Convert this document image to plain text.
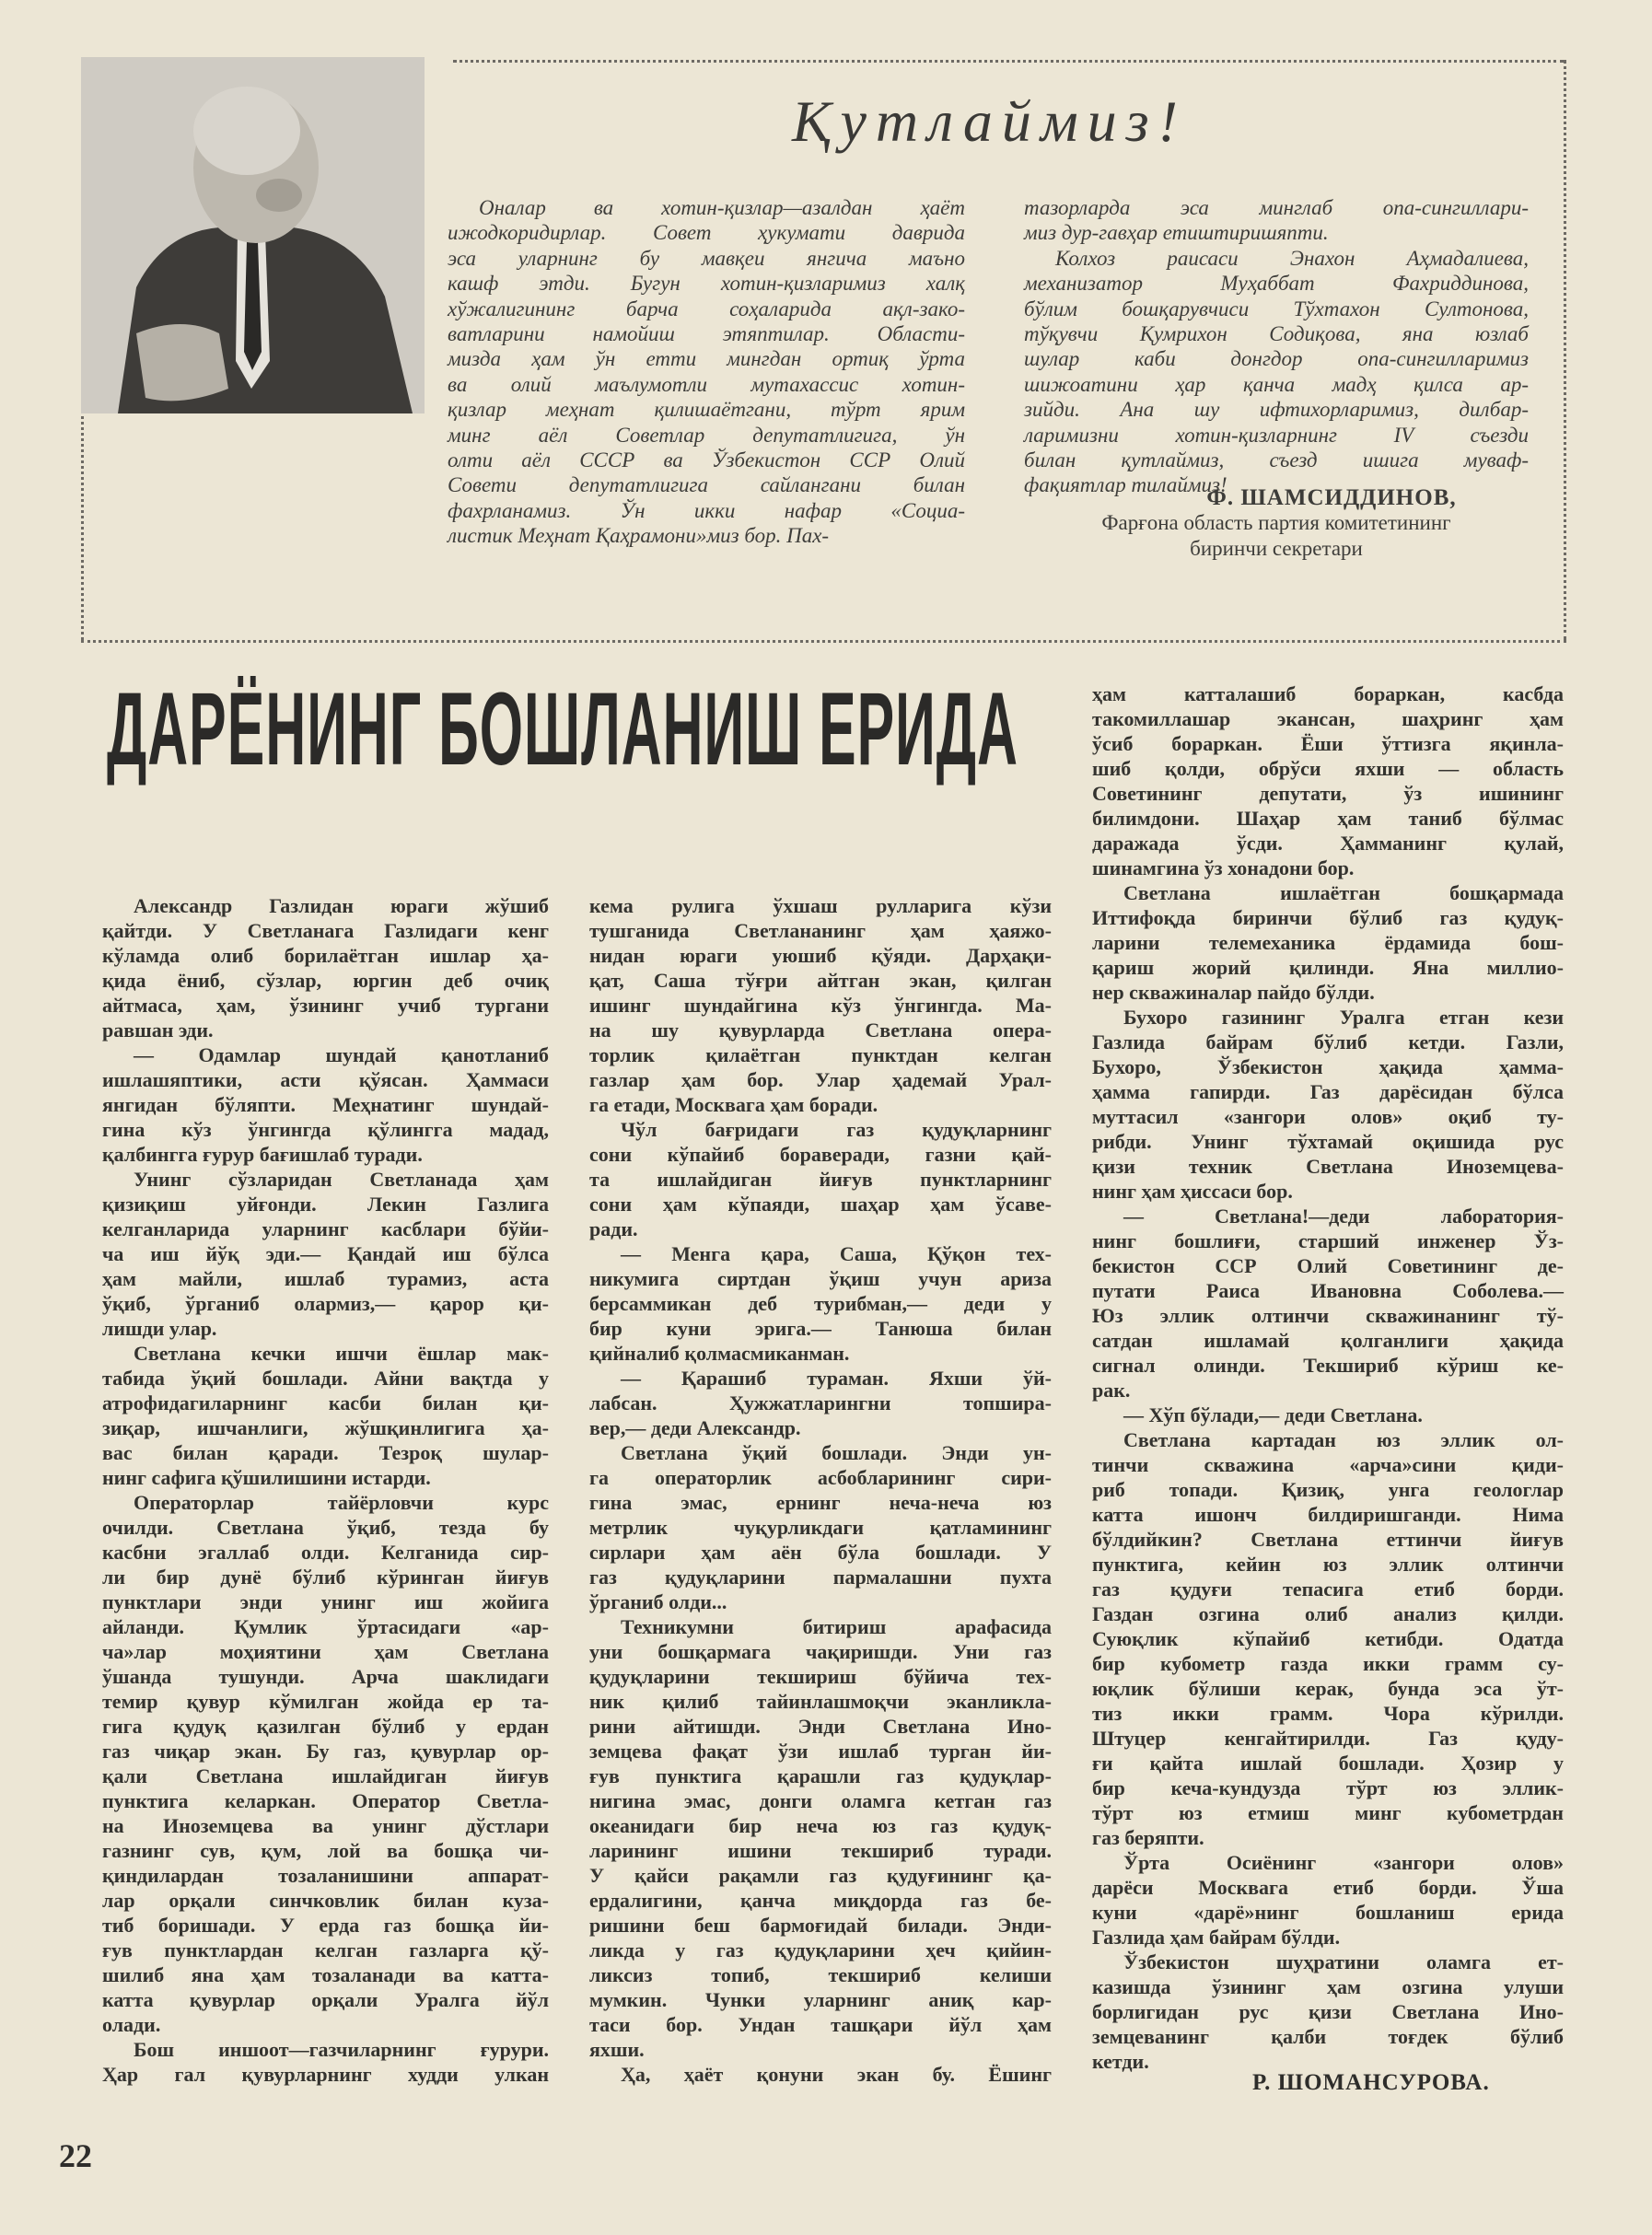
Қутлаймиз!
Оналар ва хотин-қизлар—азалдан ҳаёт
ижодкоридирлар. Совет ҳукумати даврида
эса уларнинг бу мавқеи янгича маъно
кашф этди. Бугун хотин-қизларимиз халқ
хўжалигининг барча соҳаларида ақл-зако-
ватларини намойиш этяптилар. Области-
мизда ҳам ўн етти мингдан ортиқ ўрта
ва олий маълумотли мутахассис хотин-
қизлар меҳнат қилишаётгани, тўрт ярим
минг аёл Советлар депутатлигига, ўн
олти аёл СССР ва Ўзбекистон ССР Олий
Совети депутатлигига сайлангани билан
фахрланамиз. Ўн икки нафар «Социа-
листик Меҳнат Қаҳрамони»миз бор. Пах-
тазорларда эса минглаб опа-сингиллари-
миз дур-гавҳар етиштиришяпти.
Колхоз раисаси Энахон Аҳмадалиева,
механизатор Муҳаббат Фахриддинова,
бўлим бошқарувчиси Тўхтахон Султонова,
тўқувчи Қумрихон Содиқова, яна юзлаб
шулар каби донгдор опа-сингилларимиз
шижоатини ҳар қанча мадҳ қилса ар-
зийди. Ана шу ифтихорларимиз, дилбар-
ларимизни хотин-қизларнинг IV съезди
билан қутлаймиз, съезд ишига муваф-
фақиятлар тилаймиз!
Ф. ШАМСИДДИНОВ,
Фарғона область партия комитетининг
биринчи секретари
ДАРЁНИНГ БОШЛАНИШ ЕРИДА
Александр Газлидан юраги жўшиб
қайтди. У Светланага Газлидаги кенг
кўламда олиб борилаётган ишлар ҳа-
қида ёниб, сўзлар, юргин деб очиқ
айтмаса, ҳам, ўзининг учиб тургани
равшан эди.
— Одамлар шундай қанотланиб
ишлашяптики, асти қўясан. Ҳаммаси
янгидан бўляпти. Меҳнатинг шундай-
гина кўз ўнгингда қўлингга мадад,
қалбингга ғурур бағишлаб туради.
Унинг сўзларидан Светланада ҳам
қизиқиш уйғонди. Лекин Газлига
келганларида уларнинг касблари бўйи-
ча иш йўқ эди.— Қандай иш бўлса
ҳам майли, ишлаб турамиз, аста
ўқиб, ўрганиб олармиз,— қарор қи-
лишди улар.
Светлана кечки ишчи ёшлар мак-
табида ўқий бошлади. Айни вақтда у
атрофидагиларнинг касби билан қи-
зиқар, ишчанлиги, жўшқинлигига ҳа-
вас билан қаради. Тезроқ шулар-
нинг сафига қўшилишини истарди.
Операторлар тайёрловчи курс
очилди. Светлана ўқиб, тезда бу
касбни эгаллаб олди. Келганида сир-
ли бир дунё бўлиб кўринган йиғув
пунктлари энди унинг иш жойига
айланди. Қумлик ўртасидаги «ар-
ча»лар моҳиятини ҳам Светлана
ўшанда тушунди. Арча шаклидаги
темир қувур кўмилган жойда ер та-
гига қудуқ қазилган бўлиб у ердан
газ чиқар экан. Бу газ, қувурлар ор-
қали Светлана ишлайдиган йиғув
пунктига келаркан. Оператор Светла-
на Иноземцева ва унинг дўстлари
газнинг сув, қум, лой ва бошқа чи-
қиндилардан тозаланишини аппарат-
лар орқали синчковлик билан куза-
тиб боришади. У ерда газ бошқа йи-
ғув пунктлардан келган газларга қў-
шилиб яна ҳам тозаланади ва катта-
катта қувурлар орқали Уралга йўл
олади.
Бош иншоот—газчиларнинг ғурури.
Ҳар гал қувурларнинг худди улкан
кема рулига ўхшаш рулларига кўзи
тушганида Светлананинг ҳам ҳаяжо-
нидан юраги уюшиб қўяди. Дарҳақи-
қат, Саша тўғри айтган экан, қилган
ишинг шундайгина кўз ўнгингда. Ма-
на шу қувурларда Светлана опера-
торлик қилаётган пунктдан келган
газлар ҳам бор. Улар ҳадемай Урал-
га етади, Москвага ҳам боради.
Чўл бағридаги газ қудуқларнинг
сони кўпайиб бораверади, газни қай-
та ишлайдиган йиғув пунктларнинг
сони ҳам кўпаяди, шаҳар ҳам ўсаве-
ради.
— Менга қара, Саша, Қўқон тех-
никумига сиртдан ўқиш учун ариза
берсаммикан деб турибман,— деди у
бир куни эрига.— Танюша билан
қийналиб қолмасмиканман.
— Қарашиб тураман. Яхши ўй-
лабсан. Ҳужжатларингни топшира-
вер,— деди Александр.
Светлана ўқий бошлади. Энди ун-
га операторлик асбобларининг сири-
гина эмас, ернинг неча-неча юз
метрлик чуқурликдаги қатламининг
сирлари ҳам аён бўла бошлади. У
газ қудуқларини пармалашни пухта
ўрганиб олди...
Техникумни битириш арафасида
уни бошқармага чақиришди. Уни газ
қудуқларини текшириш бўйича тех-
ник қилиб тайинлашмоқчи эканликла-
рини айтишди. Энди Светлана Ино-
земцева фақат ўзи ишлаб турган йи-
ғув пунктига қарашли газ қудуқлар-
нигина эмас, донги оламга кетган газ
океанидаги бир неча юз газ қудуқ-
ларининг ишини текшириб туради.
У қайси рақамли газ қудуғининг қа-
ердалигини, қанча миқдорда газ бе-
ришини беш бармоғидай билади. Энди-
ликда у газ қудуқларини ҳеч қийин-
ликсиз топиб, текшириб келиши
мумкин. Чунки уларнинг аниқ кар-
таси бор. Ундан ташқари йўл ҳам
яхши.
Ҳа, ҳаёт қонуни экан бу. Ёшинг
ҳам катталашиб бораркан, касбда
такомиллашар экансан, шаҳринг ҳам
ўсиб бораркан. Ёши ўттизга яқинла-
шиб қолди, обрўси яхши — область
Советининг депутати, ўз ишининг
билимдони. Шаҳар ҳам таниб бўлмас
даражада ўсди. Ҳамманинг қулай,
шинамгина ўз хонадони бор.
Светлана ишлаётган бошқармада
Иттифоқда биринчи бўлиб газ қудуқ-
ларини телемеханика ёрдамида бош-
қариш жорий қилинди. Яна миллио-
нер скважиналар пайдо бўлди.
Бухоро газининг Уралга етган кези
Газлида байрам бўлиб кетди. Газли,
Бухоро, Ўзбекистон ҳақида ҳамма-
ҳамма гапирди. Газ дарёсидан бўлса
муттасил «зангори олов» оқиб ту-
рибди. Унинг тўхтамай оқишида рус
қизи техник Светлана Иноземцева-
нинг ҳам ҳиссаси бор.
— Светлана!—деди лаборатория-
нинг бошлиғи, старший инженер Ўз-
бекистон ССР Олий Советининг де-
путати Раиса Ивановна Соболева.—
Юз эллик олтинчи скважинанинг тў-
сатдан ишламай қолганлиги ҳақида
сигнал олинди. Текшириб кўриш ке-
рак.
— Хўп бўлади,— деди Светлана.
Светлана картадан юз эллик ол-
тинчи скважина «арча»сини қиди-
риб топади. Қизиқ, унга геологлар
катта ишонч билдиришганди. Нима
бўлдийкин? Светлана еттинчи йиғув
пунктига, кейин юз эллик олтинчи
газ қудуғи тепасига етиб борди.
Газдан озгина олиб анализ қилди.
Суюқлик кўпайиб кетибди. Одатда
бир кубометр газда икки грамм су-
юқлик бўлиши керак, бунда эса ўт-
тиз икки грамм. Чора кўрилди.
Штуцер кенгайтирилди. Газ қуду-
ғи қайта ишлай бошлади. Ҳозир у
бир кеча-кундузда тўрт юз эллик-
тўрт юз етмиш минг кубометрдан
газ беряпти.
Ўрта Осиёнинг «зангори олов»
дарёси Москвага етиб борди. Ўша
куни «дарё»нинг бошланиш ерида
Газлида ҳам байрам бўлди.
Ўзбекистон шуҳратини оламга ет-
казишда ўзининг ҳам озгина улуши
борлигидан рус қизи Светлана Ино-
земцеванинг қалби тоғдек бўлиб
кетди.
Р. ШОМАНСУРОВА.
22
